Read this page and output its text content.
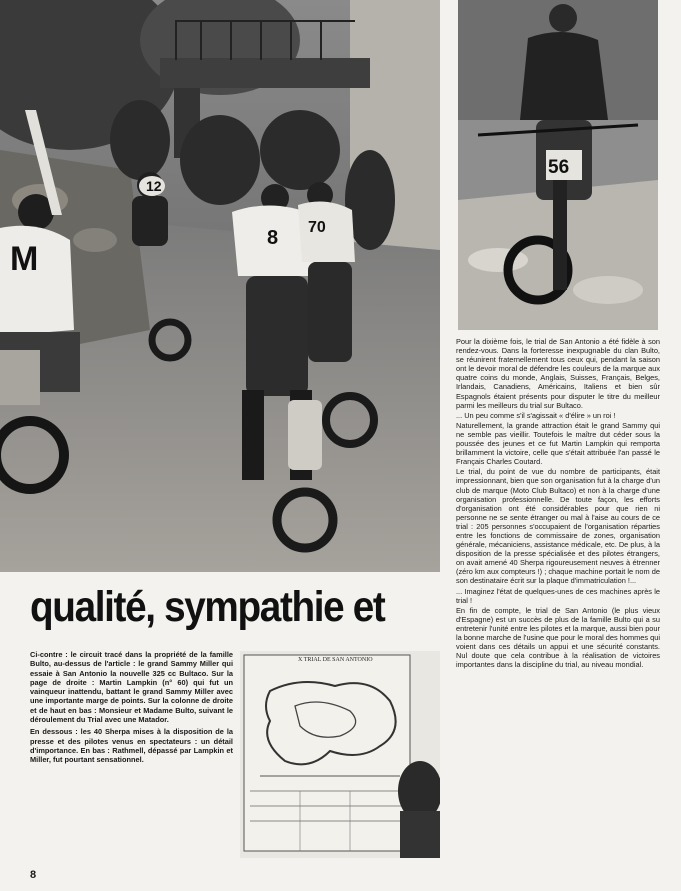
12
8 70
M
56
qualité, sympathie et

Ci-contre : le circuit tracé dans la propriété de la famille Bulto, au-dessus de l'article : le grand Sammy Miller qui essaie à San Antonio la nouvelle 325 cc Bultaco. Sur la page de droite : Martin Lampkin (n° 60) qui fut un vainqueur inattendu, battant le grand Sammy Miller avec une importante marge de points. Sur la colonne de droite et de haut en bas : Monsieur et Madame Bulto, suivant le déroulement du Trial avec une Matador.

En dessous : les 40 Sherpa mises à la disposition de la presse et des pilotes venus en spectateurs : un détail d'importance. En bas : Rathmell, dépassé par Lampkin et Miller, fut pourtant sensationnel.

X TRIAL DE SAN ANTONIO

Pour la dixième fois, le trial de San Antonio a été fidèle à son rendez-vous. Dans la forteresse inexpugnable du clan Bulto, se réunirent fraternellement tous ceux qui, pendant la saison ont le devoir moral de défendre les couleurs de la marque aux quatre coins du monde, Anglais, Suisses, Français, Belges, Irlandais, Canadiens, Américains, Italiens et bien sûr Espagnols étaient présents pour disputer le titre du meilleur parmi les meilleurs du trial sur Bultaco.

... Un peu comme s'il s'agissait « d'élire » un roi !

Naturellement, la grande attraction était le grand Sammy qui ne semble pas vieillir. Toutefois le maître dut céder sous la poussée des jeunes et ce fut Martin Lampkin qui remporta brillamment la victoire, celle que s'était attribuée l'an passé le Français Charles Coutard.

Le trial, du point de vue du nombre de participants, était impressionnant, bien que son organisation fut à la charge d'un club de marque (Moto Club Bultaco) et non à la charge d'une organisation professionnelle. De toute façon, les efforts d'organisation ont été considérables pour que rien ni personne ne se sente étranger ou mal à l'aise au cours de ce trial : 205 personnes s'occupaient de l'organisation réparties entre les fonctions de commissaire de zones, organisation générale, mécaniciens, assistance médicale, etc. De plus, à la disposition de la presse spécialisée et des pilotes étrangers, on avait amené 40 Sherpa rigoureusement neuves à étrenner (zéro km aux compteurs !) ; chaque machine portait le nom de son destinataire écrit sur la plaque d'immatriculation !...

... Imaginez l'état de quelques-unes de ces machines après le trial !

En fin de compte, le trial de San Antonio (le plus vieux d'Espagne) est un succès de plus de la famille Bulto qui a su entretenir l'unité entre les pilotes et la marque, aussi bien pour la bonne marche de l'usine que pour le moral des hommes qui voient dans ces détails un appui et une sécurité constants. Nul doute que cela contribue à la réalisation de victoires importantes dans la discipline du trial, au niveau mondial.

8
